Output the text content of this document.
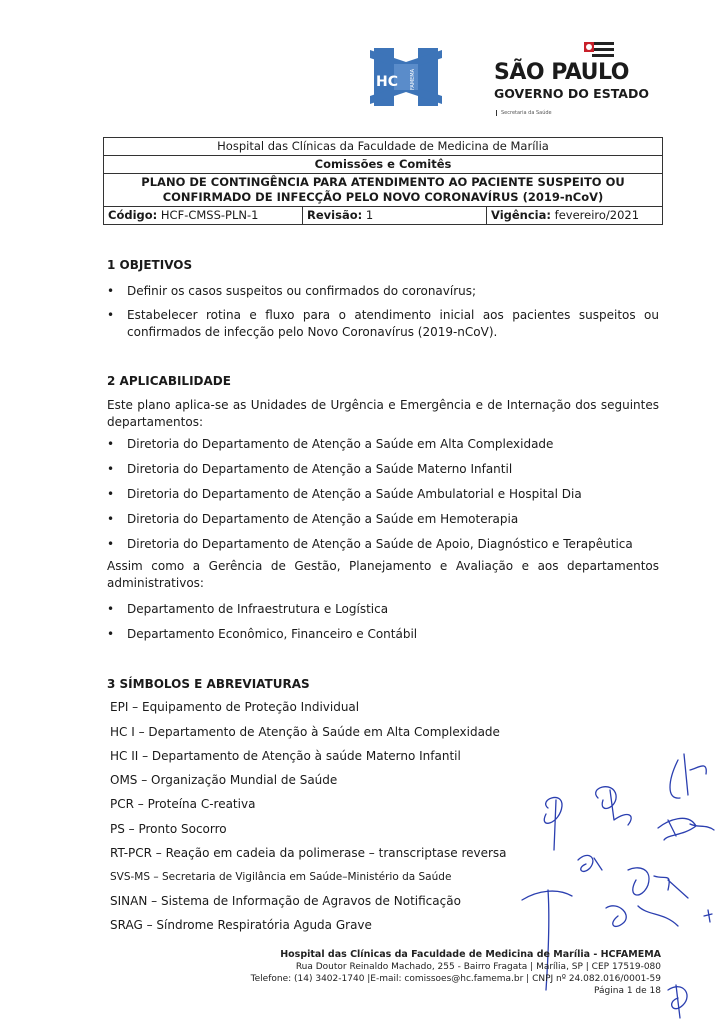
HC FAMEMA	SÃO PAULO
GOVERNO DO ESTADO
Secretaria da Saúde
Hospital das Clínicas da Faculdade de Medicina de Marília
Comissões e Comitês
PLANO DE CONTINGÊNCIA PARA ATENDIMENTO AO PACIENTE SUSPEITO OU
CONFIRMADO DE INFECÇÃO PELO NOVO CORONAVÍRUS (2019-nCoV)
Código: HCF-CMSS-PLN-1	Revisão: 1	Vigência: fevereiro/2021
1 OBJETIVOS
• Definir os casos suspeitos ou confirmados do coronavírus;
• Estabelecer rotina e fluxo para o atendimento inicial aos pacientes suspeitos ou confirmados de infecção pelo Novo Coronavírus (2019-nCoV).
2 APLICABILIDADE
Este plano aplica-se as Unidades de Urgência e Emergência e de Internação dos seguintes departamentos:
• Diretoria do Departamento de Atenção a Saúde em Alta Complexidade
• Diretoria do Departamento de Atenção a Saúde Materno Infantil
• Diretoria do Departamento de Atenção a Saúde Ambulatorial e Hospital Dia
• Diretoria do Departamento de Atenção a Saúde em Hemoterapia
• Diretoria do Departamento de Atenção a Saúde de Apoio, Diagnóstico e Terapêutica
Assim como a Gerência de Gestão, Planejamento e Avaliação e aos departamentos administrativos:
• Departamento de Infraestrutura e Logística
• Departamento Econômico, Financeiro e Contábil
3 SÍMBOLOS E ABREVIATURAS
EPI – Equipamento de Proteção Individual
HC I – Departamento de Atenção à Saúde em Alta Complexidade
HC II – Departamento de Atenção à saúde Materno Infantil
OMS – Organização Mundial de Saúde
PCR – Proteína C-reativa
PS – Pronto Socorro
RT-PCR – Reação em cadeia da polimerase – transcriptase reversa
SVS-MS – Secretaria de Vigilância em Saúde–Ministério da Saúde
SINAN – Sistema de Informação de Agravos de Notificação
SRAG – Síndrome Respiratória Aguda Grave
Hospital das Clínicas da Faculdade de Medicina de Marília - HCFAMEMA
Rua Doutor Reinaldo Machado, 255 - Bairro Fragata | Marília, SP | CEP 17519-080
Telefone: (14) 3402-1740 |E-mail: comissoes@hc.famema.br | CNPJ nº 24.082.016/0001-59
Página 1 de 18
